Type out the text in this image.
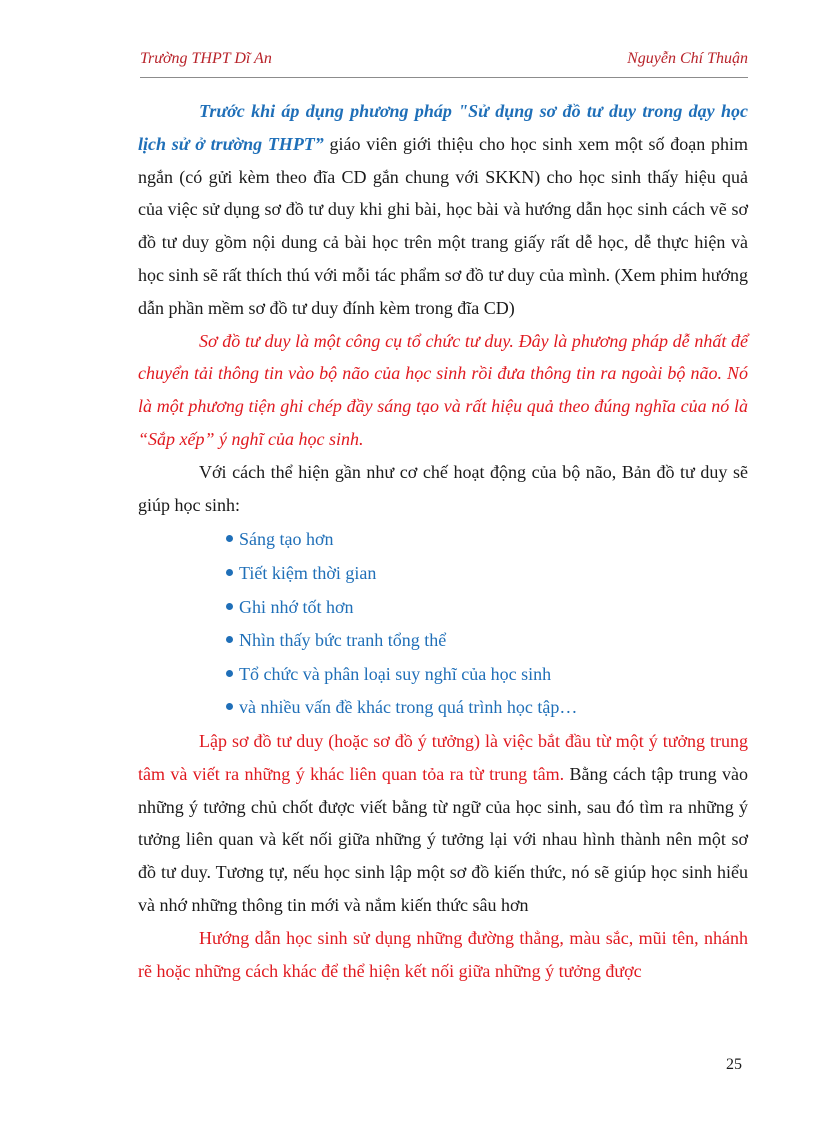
Trường THPT Dĩ An	Nguyễn Chí Thuận

Trước khi áp dụng phương pháp "Sử dụng sơ đồ tư duy trong dạy học lịch sử ở trường THPT” giáo viên giới thiệu cho học sinh xem một số đoạn phim ngắn (có gửi kèm theo đĩa CD gắn chung với SKKN) cho học sinh thấy hiệu quả của việc sử dụng sơ đồ tư duy khi ghi bài, học bài và hướng dẫn học sinh cách vẽ sơ đồ tư duy gồm nội dung cả bài học trên một trang giấy rất dễ học, dễ thực hiện và học sinh sẽ rất thích thú với mỗi tác phẩm sơ đồ tư duy của mình. (Xem phim hướng dẫn phần mềm sơ đồ tư duy đính kèm trong đĩa CD)

Sơ đồ tư duy là một công cụ tổ chức tư duy. Đây là phương pháp dễ nhất để chuyển tải thông tin vào bộ não của học sinh rồi đưa thông tin ra ngoài bộ não. Nó là một phương tiện ghi chép đầy sáng tạo và rất hiệu quả theo đúng nghĩa của nó là “Sắp xếp” ý nghĩ của học sinh.

Với cách thể hiện gần như cơ chế hoạt động của bộ não, Bản đồ tư duy sẽ giúp học sinh:

Sáng tạo hơn
Tiết kiệm thời gian
Ghi nhớ tốt hơn
Nhìn thấy bức tranh tổng thể
Tổ chức và phân loại suy nghĩ của học sinh
và nhiều vấn đề khác trong quá trình học tập…

Lập sơ đồ tư duy (hoặc sơ đồ ý tưởng) là việc bắt đầu từ một ý tưởng trung tâm và viết ra những ý khác liên quan tỏa ra từ trung tâm. Bằng cách tập trung vào những ý tưởng chủ chốt được viết bằng từ ngữ của học sinh, sau đó tìm ra những ý tưởng liên quan và kết nối giữa những ý tưởng lại với nhau hình thành nên một sơ đồ tư duy. Tương tự, nếu học sinh lập một sơ đồ kiến thức, nó sẽ giúp học sinh hiểu và nhớ những thông tin mới và nắm kiến thức sâu hơn

Hướng dẫn học sinh sử dụng những đường thẳng, màu sắc, mũi tên, nhánh rẽ hoặc những cách khác để thể hiện kết nối giữa những ý tưởng được

25
